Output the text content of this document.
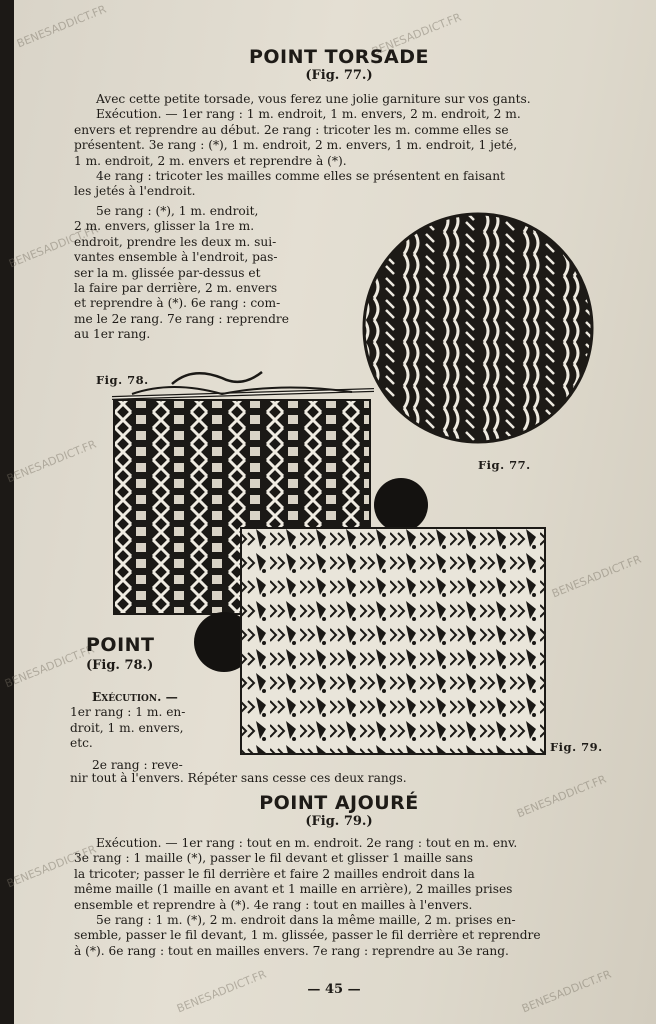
BENESADDICT.FR	BENESADDICT.FR
BENESADDICT.FR
BENESADDICT.FR
BENESADDICT.FR
BENESADDICT.FR
BENESADDICT.FR
BENESADDICT.FR
BENESADDICT.FR	BENESADDICT.FR
POINT TORSADE
(Fig. 77.)

Avec cette petite torsade, vous ferez une jolie garniture sur vos gants.

Exécution. — 1er rang : 1 m. endroit, 1 m. envers, 2 m. endroit, 2 m.

envers et reprendre au début. 2e rang : tricoter les m. comme elles se

présentent. 3e rang : (*), 1 m. endroit, 2 m. envers, 1 m. endroit, 1 jeté,

1 m. endroit, 2 m. envers et reprendre à (*).

4e rang : tricoter les mailles comme elles se présentent en faisant

les jetés à l'endroit.

5e rang : (*), 1 m. endroit,

2 m. envers, glisser la 1re m.

endroit, prendre les deux m. sui-

vantes ensemble à l'endroit, pas-

ser la m. glissée par-dessus et

la faire par derrière, 2 m. envers

et reprendre à (*). 6e rang : com-

me le 2e rang. 7e rang : reprendre

au 1er rang.

Fig. 77.
Fig. 78.
Fig. 79.
POINT
(Fig. 78.)

Exécution. —

1er rang : 1 m. en-

droit, 1 m. envers,

etc.

2e rang : reve-

nir tout à l'envers. Répéter sans cesse ces deux rangs.
POINT AJOURÉ
(Fig. 79.)

Exécution. — 1er rang : tout en m. endroit. 2e rang : tout en m. env.

3e rang : 1 maille (*), passer le fil devant et glisser 1 maille sans

la tricoter; passer le fil derrière et faire 2 mailles endroit dans la

même maille (1 maille en avant et 1 maille en arrière), 2 mailles prises

ensemble et reprendre à (*). 4e rang : tout en mailles à l'envers.

5e rang : 1 m. (*), 2 m. endroit dans la même maille, 2 m. prises en-

semble, passer le fil devant, 1 m. glissée, passer le fil derrière et reprendre

à (*). 6e rang : tout en mailles envers. 7e rang : reprendre au 3e rang.

— 45 —
